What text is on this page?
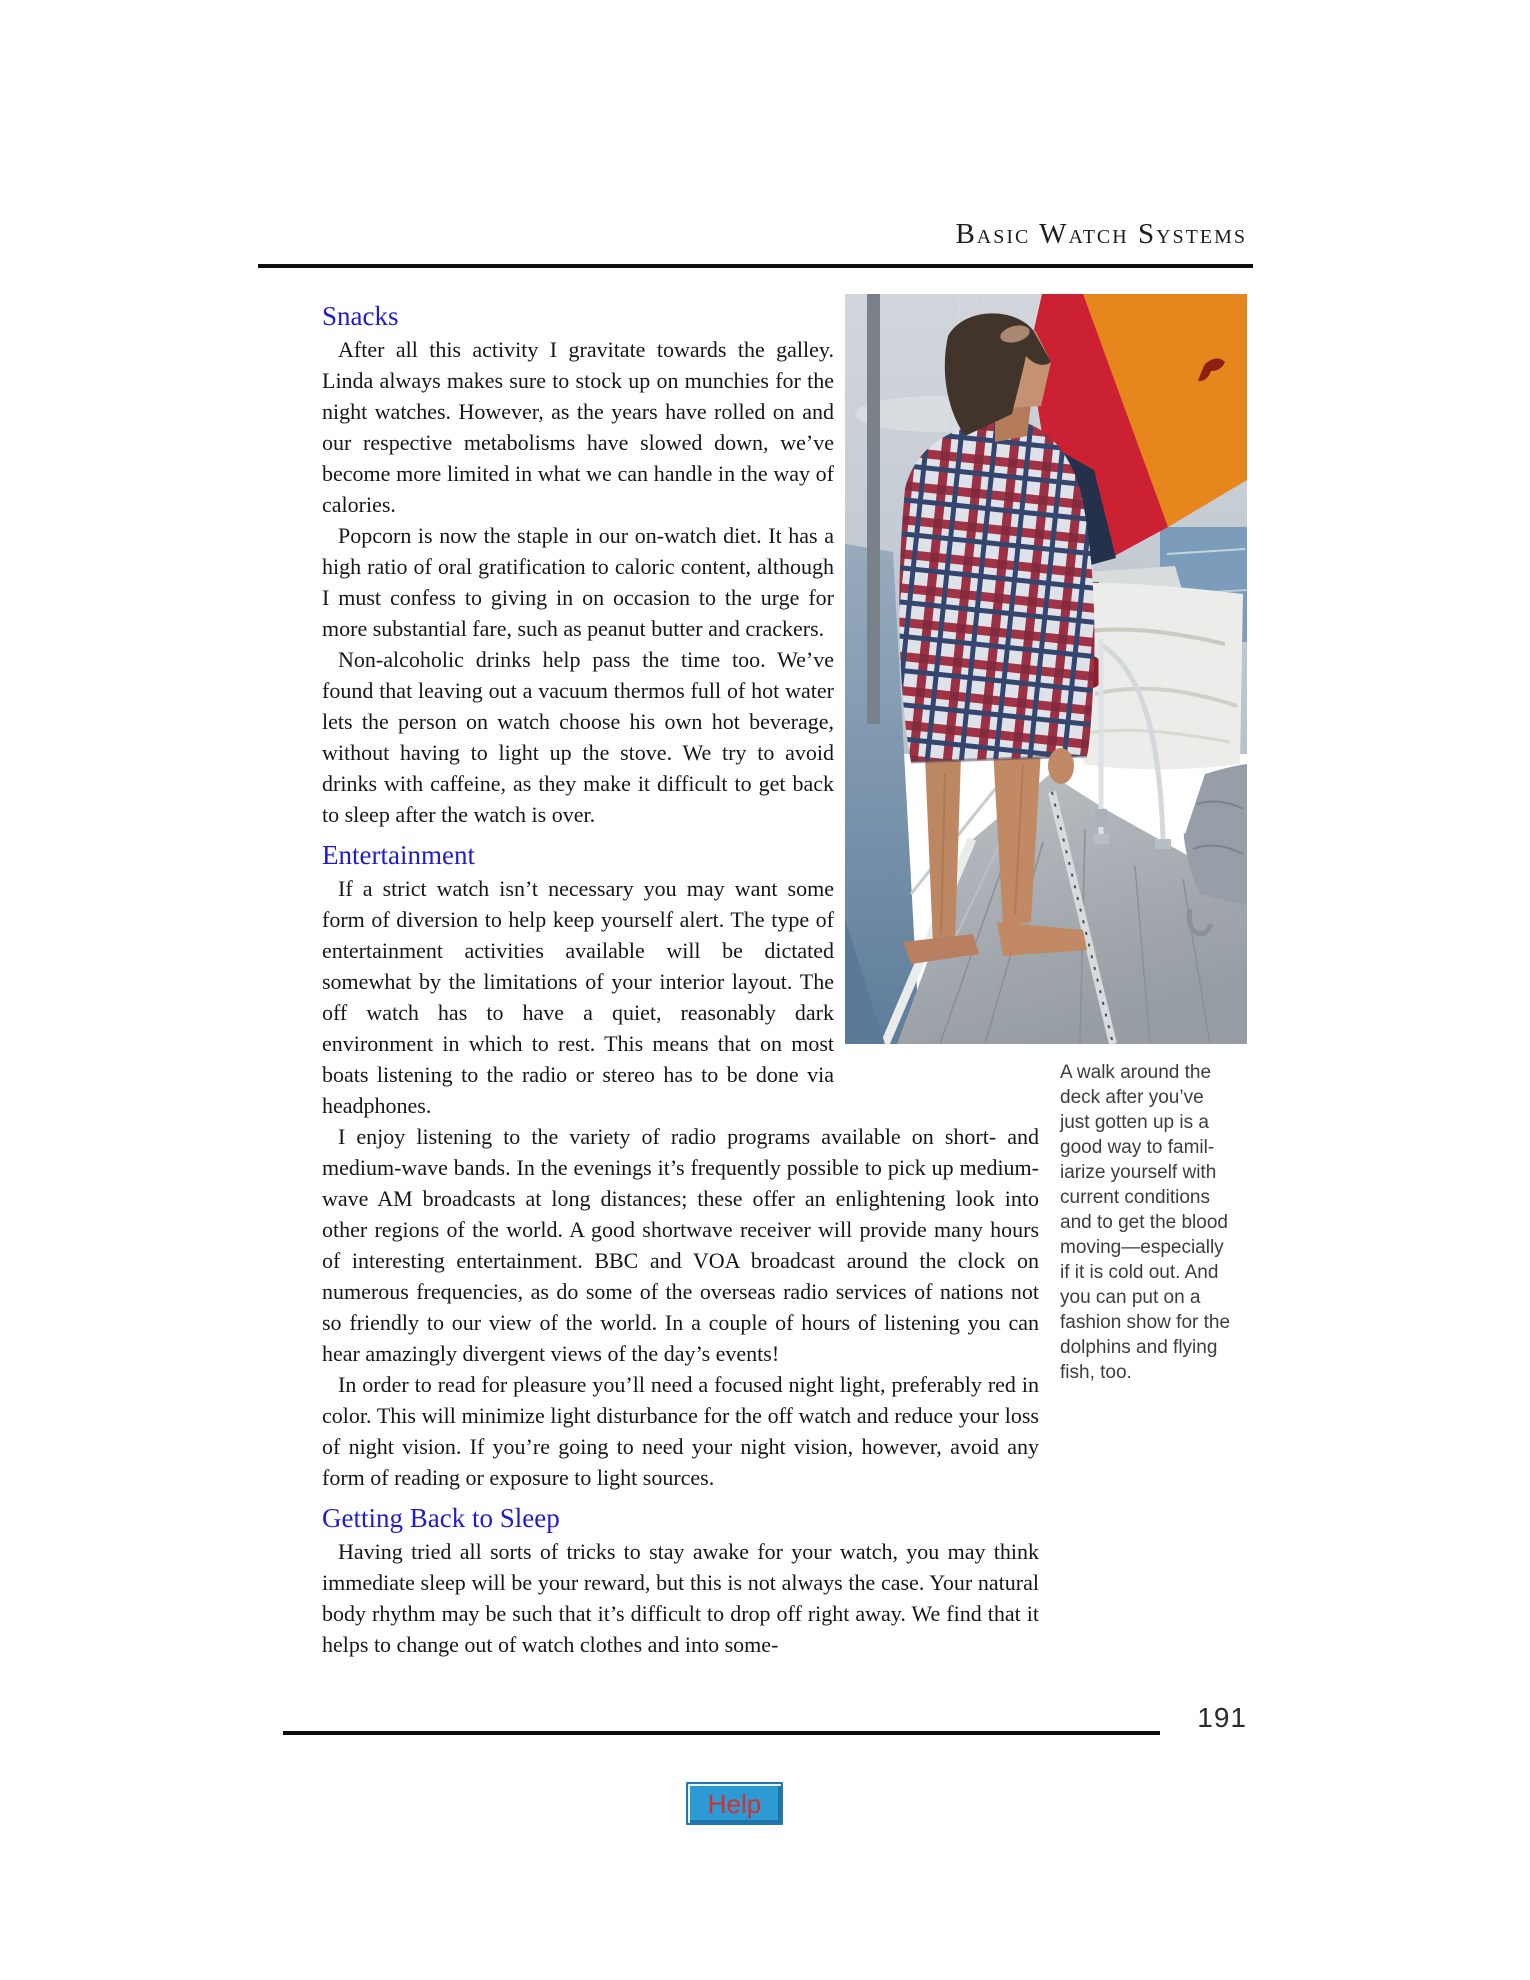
Basic Watch Systems
A walk around the
deck after you’ve
just gotten up is a
good way to famil-
iarize yourself with
current conditions
and to get the blood
moving—especially
if it is cold out. And
you can put on a
fashion show for the
dolphins and flying
fish, too.
Snacks

After all this activity I gravitate towards the galley. Linda always makes sure to stock up on munchies for the night watches. However, as the years have rolled on and our respective metabolisms have slowed down, we’ve become more limited in what we can handle in the way of calories.

Popcorn is now the staple in our on-watch diet. It has a high ratio of oral gratification to caloric content, although I must confess to giving in on occasion to the urge for more substantial fare, such as peanut butter and crackers.

Non-alcoholic drinks help pass the time too. We’ve found that leaving out a vacuum thermos full of hot water lets the person on watch choose his own hot beverage, without having to light up the stove. We try to avoid drinks with caffeine, as they make it difficult to get back to sleep after the watch is over.

Entertainment

If a strict watch isn’t necessary you may want some form of diversion to help keep yourself alert. The type of entertainment activities available will be dictated somewhat by the limitations of your interior layout. The off watch has to have a quiet, reasonably dark environment in which to rest. This means that on most boats listening to the radio or stereo has to be done via headphones.

I enjoy listening to the variety of radio programs available on short- and medium-wave bands. In the evenings it’s frequently possible to pick up medium-wave AM broadcasts at long distances; these offer an enlightening look into other regions of the world. A good shortwave receiver will provide many hours of interesting entertainment. BBC and VOA broadcast around the clock on numerous frequencies, as do some of the overseas radio services of nations not so friendly to our view of the world. In a couple of hours of listening you can hear amazingly divergent views of the day’s events!

In order to read for pleasure you’ll need a focused night light, preferably red in color. This will minimize light disturbance for the off watch and reduce your loss of night vision. If you’re going to need your night vision, however, avoid any form of reading or exposure to light sources.

Getting Back to Sleep

Having tried all sorts of tricks to stay awake for your watch, you may think immediate sleep will be your reward, but this is not always the case. Your natural body rhythm may be such that it’s difficult to drop off right away. We find that it helps to change out of watch clothes and into some-

191
Help
